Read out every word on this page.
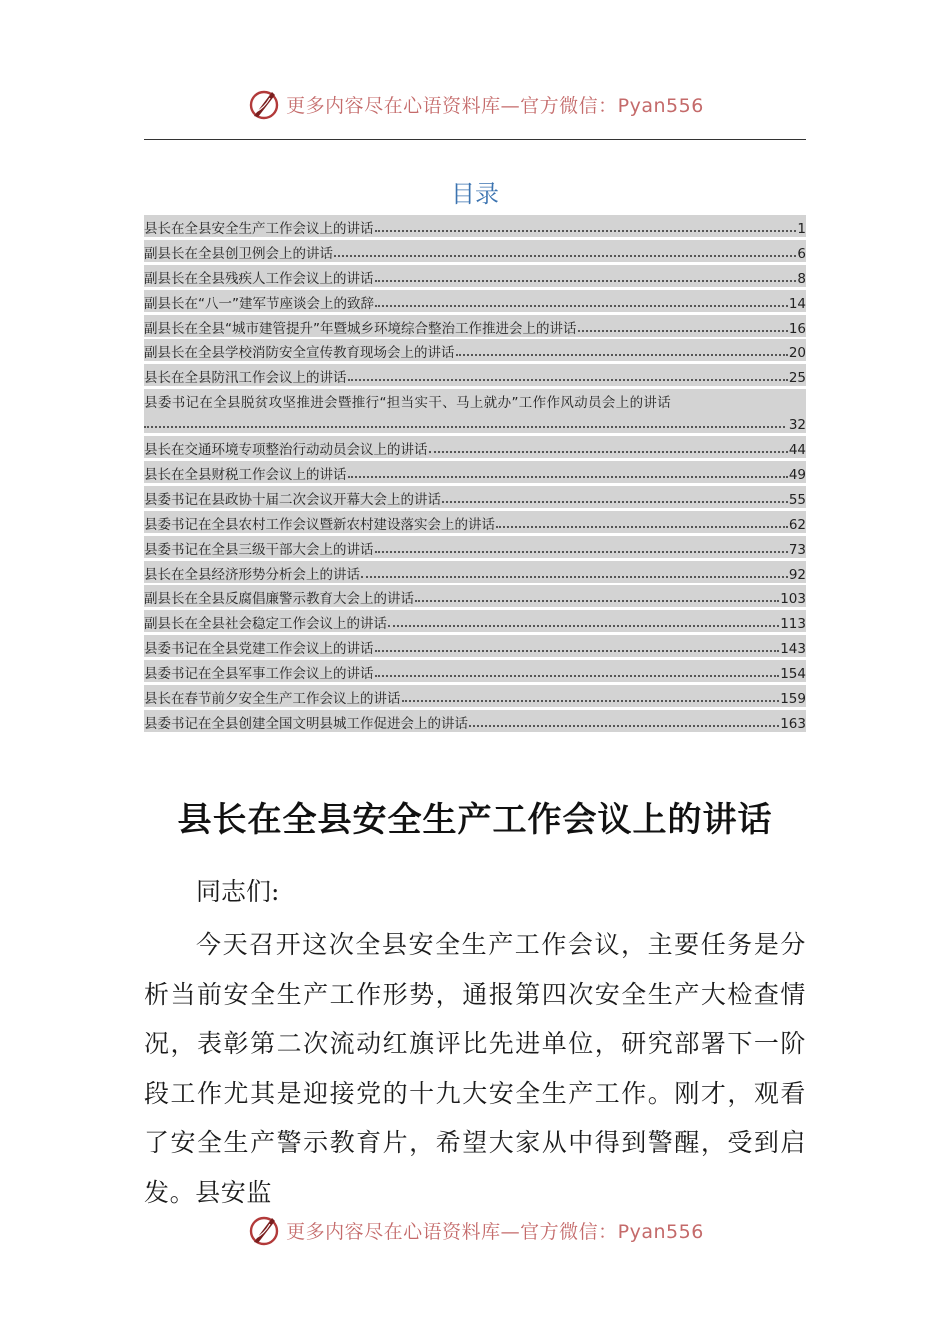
更多内容尽在心语资料库—官方微信：Pyan556
目录
县长在全县安全生产工作会议上的讲话	1
副县长在全县创卫例会上的讲话	6
副县长在全县残疾人工作会议上的讲话	8
副县长在“八一”建军节座谈会上的致辞	14
副县长在全县“城市建管提升”年暨城乡环境综合整治工作推进会上的讲话	16
副县长在全县学校消防安全宣传教育现场会上的讲话	20
县长在全县防汛工作会议上的讲话	25
县委书记在全县脱贫攻坚推进会暨推行“担当实干、马上就办”工作作风动员会上的讲话
32
县长在交通环境专项整治行动动员会议上的讲话	44
县长在全县财税工作会议上的讲话	49
县委书记在县政协十届二次会议开幕大会上的讲话	55
县委书记在全县农村工作会议暨新农村建设落实会上的讲话	62
县委书记在全县三级干部大会上的讲话	73
县长在全县经济形势分析会上的讲话	92
副县长在全县反腐倡廉警示教育大会上的讲话	103
副县长在全县社会稳定工作会议上的讲话	113
县委书记在全县党建工作会议上的讲话	143
县委书记在全县军事工作会议上的讲话	154
县长在春节前夕安全生产工作会议上的讲话	159
县委书记在全县创建全国文明县城工作促进会上的讲话	163
县长在全县安全生产工作会议上的讲话
同志们:
今天召开这次全县安全生产工作会议，主要任务是分析当前安全生产工作形势，通报第四次安全生产大检查情况，表彰第二次流动红旗评比先进单位，研究部署下一阶段工作尤其是迎接党的十九大安全生产工作。刚才，观看了安全生产警示教育片，希望大家从中得到警醒，受到启发。县安监
更多内容尽在心语资料库—官方微信：Pyan556
